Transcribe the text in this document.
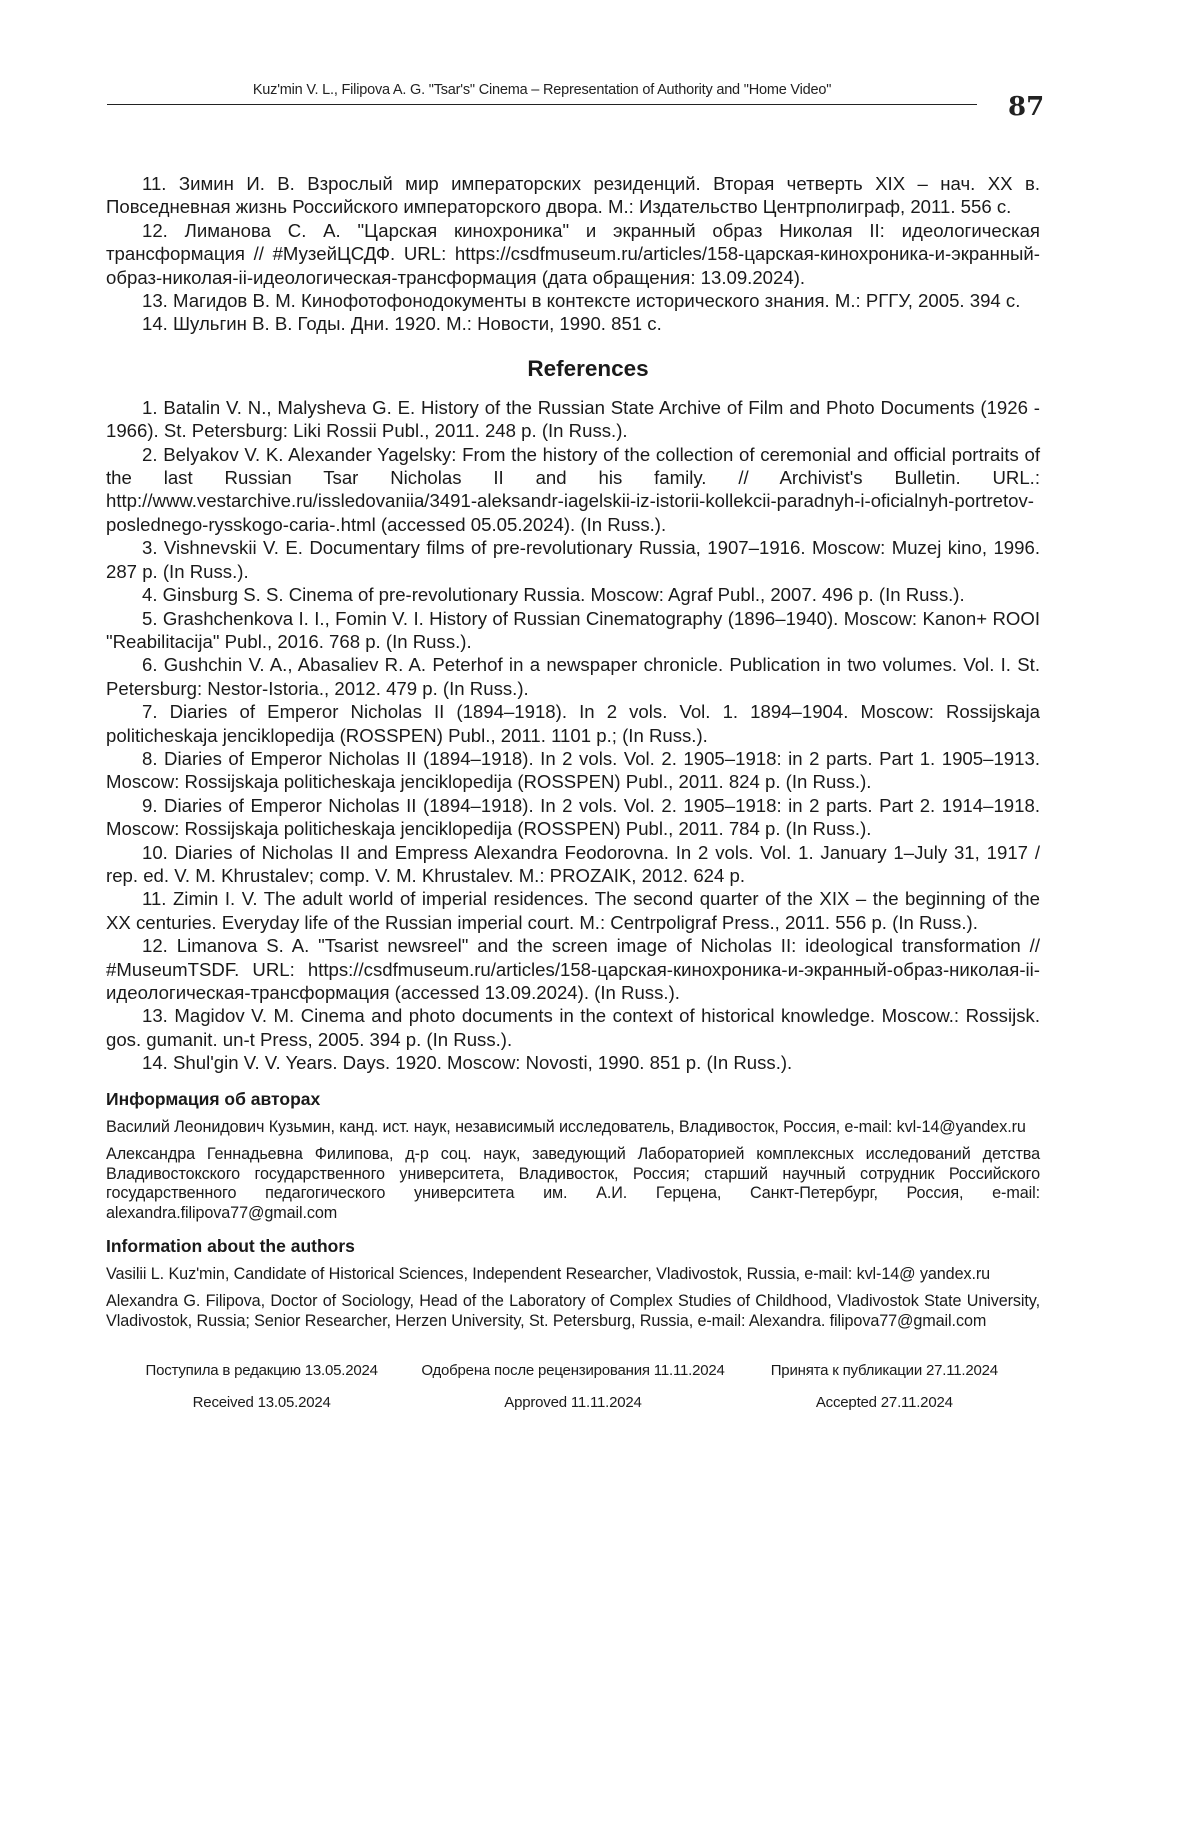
Kuz'min V. L., Filipova A. G. "Tsar's" Cinema – Representation of Authority and "Home Video"
87

11. Зимин И. В. Взрослый мир императорских резиденций. Вторая четверть XIX – нач. XX в. Повседневная жизнь Российского императорского двора. М.: Издательство Центрполиграф, 2011. 556 с.

12. Лиманова С. А. "Царская кинохроника" и экранный образ Николая II: идеологическая трансформация // #МузейЦСДФ. URL: https://csdfmuseum.ru/articles/158-царская-кинохроника-и-экранный-образ-николая-ii-идеологическая-трансформация (дата обращения: 13.09.2024).

13. Магидов В. М. Кинофотофонодокументы в контексте исторического знания. М.: РГГУ, 2005. 394 с.

14. Шульгин В. В. Годы. Дни. 1920. М.: Новости, 1990. 851 с.

References

1. Batalin V. N., Malysheva G. E. History of the Russian State Archive of Film and Photo Documents (1926 - 1966). St. Petersburg: Liki Rossii Publ., 2011. 248 p. (In Russ.).

2. Belyakov V. K. Alexander Yagelsky: From the history of the collection of ceremonial and official portraits of the last Russian Tsar Nicholas II and his family. // Archivist's Bulletin. URL.: http://www.vestarchive.ru/issledovaniia/3491-aleksandr-iagelskii-iz-istorii-kollekcii-paradnyh-i-oficialnyh-portretov-poslednego-rysskogo-caria-.html (accessed 05.05.2024). (In Russ.).

3. Vishnevskii V. E. Documentary films of pre-revolutionary Russia, 1907–1916. Moscow: Muzej kino, 1996. 287 p. (In Russ.).

4. Ginsburg S. S. Cinema of pre-revolutionary Russia. Moscow: Agraf Publ., 2007. 496 p. (In Russ.).

5. Grashchenkova I. I., Fomin V. I. History of Russian Cinematography (1896–1940). Moscow: Kanon+ ROOI "Reabilitacija" Publ., 2016. 768 p. (In Russ.).

6. Gushchin V. A., Abasaliev R. A. Peterhof in a newspaper chronicle. Publication in two volumes. Vol. I. St. Petersburg: Nestor-Istoria., 2012. 479 p. (In Russ.).

7. Diaries of Emperor Nicholas II (1894–1918). In 2 vols. Vol. 1. 1894–1904. Moscow: Rossijskaja politicheskaja jenciklopedija (ROSSPEN) Publ., 2011. 1101 p.; (In Russ.).

8. Diaries of Emperor Nicholas II (1894–1918). In 2 vols. Vol. 2. 1905–1918: in 2 parts. Part 1. 1905–1913. Moscow: Rossijskaja politicheskaja jenciklopedija (ROSSPEN) Publ., 2011. 824 p. (In Russ.).

9. Diaries of Emperor Nicholas II (1894–1918). In 2 vols. Vol. 2. 1905–1918: in 2 parts. Part 2. 1914–1918. Moscow: Rossijskaja politicheskaja jenciklopedija (ROSSPEN) Publ., 2011. 784 p. (In Russ.).

10. Diaries of Nicholas II and Empress Alexandra Feodorovna. In 2 vols. Vol. 1. January 1–July 31, 1917 / rep. ed. V. M. Khrustalev; comp. V. M. Khrustalev. M.: PROZAIK, 2012. 624 p.

11. Zimin I. V. The adult world of imperial residences. The second quarter of the XIX – the beginning of the XX centuries. Everyday life of the Russian imperial court. M.: Centrpoligraf Press., 2011. 556 p. (In Russ.).

12. Limanova S. A. "Tsarist newsreel" and the screen image of Nicholas II: ideological transformation // #MuseumTSDF. URL: https://csdfmuseum.ru/articles/158-царская-кинохроника-и-экранный-образ-николая-ii-идеологическая-трансформация (accessed 13.09.2024). (In Russ.).

13. Magidov V. M. Cinema and photo documents in the context of historical knowledge. Moscow.: Rossijsk. gos. gumanit. un-t Press, 2005. 394 p. (In Russ.).

14. Shul'gin V. V. Years. Days. 1920. Moscow: Novosti, 1990. 851 p. (In Russ.).

Информация об авторах

Василий Леонидович Кузьмин, канд. ист. наук, независимый исследователь, Владивосток, Россия, e-mail: kvl-14@yandex.ru

Александра Геннадьевна Филипова, д-р соц. наук, заведующий Лабораторией комплексных исследований детства Владивостокского государственного университета, Владивосток, Россия; старший научный сотрудник Российского государственного педагогического университета им. А.И. Герцена, Санкт-Петербург, Россия, e-mail: alexandra.filipova77@gmail.com

Information about the authors

Vasilii L. Kuz'min, Candidate of Historical Sciences, Independent Researcher, Vladivostok, Russia, e-mail: kvl-14@ yandex.ru

Alexandra G. Filipova, Doctor of Sociology, Head of the Laboratory of Complex Studies of Childhood, Vladivostok State University, Vladivostok, Russia; Senior Researcher, Herzen University, St. Petersburg, Russia, e-mail: Alexandra. filipova77@gmail.com

Поступила в редакцию 13.05.2024	Одобрена после рецензирования 11.11.2024	Принята к публикации 27.11.2024
Received 13.05.2024	Approved 11.11.2024	Accepted 27.11.2024
